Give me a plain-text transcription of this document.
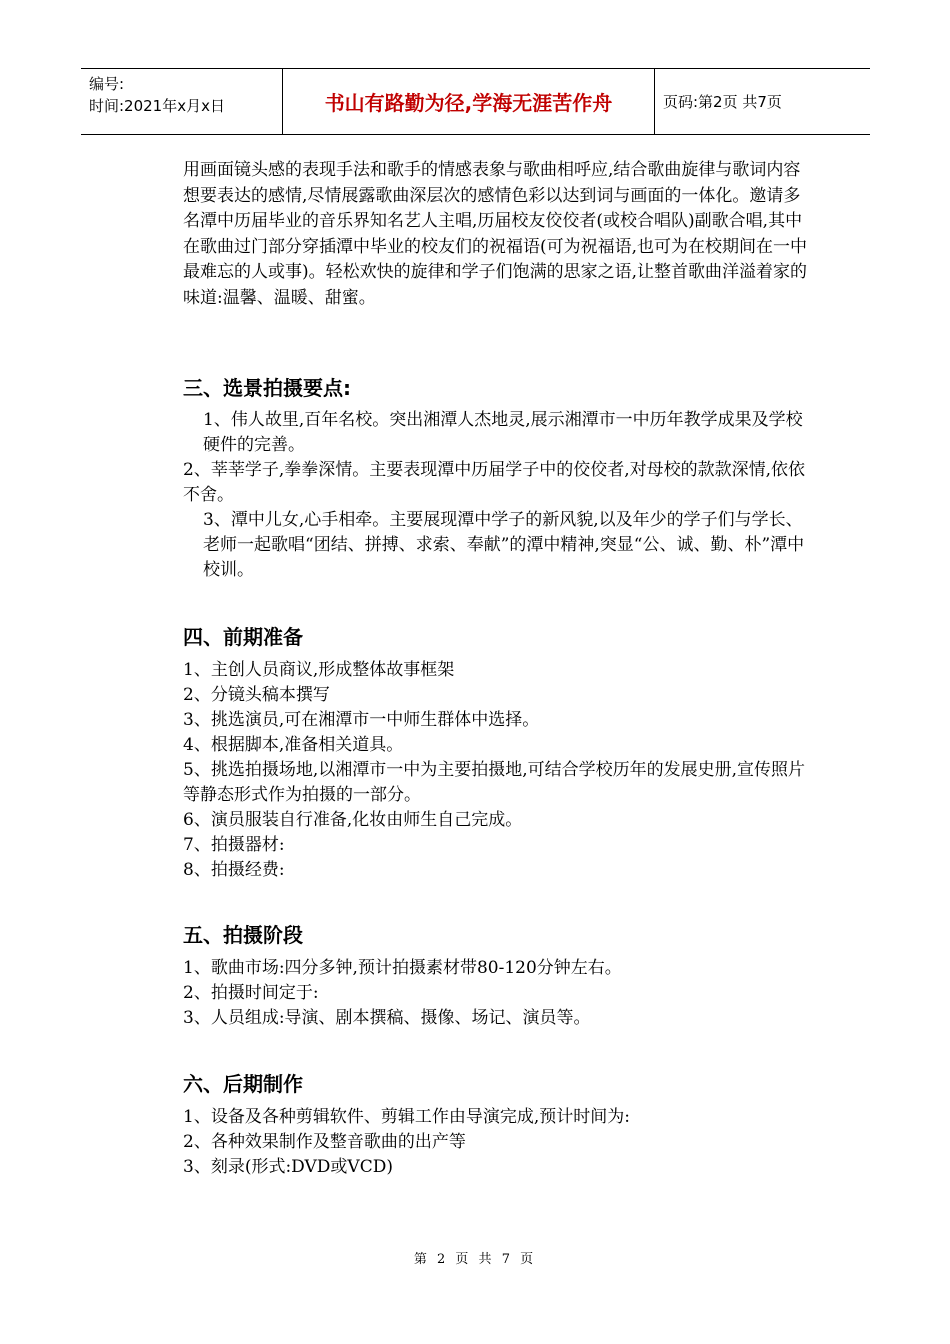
编号:
时间:2021年x月x日	书山有路勤为径,学海无涯苦作舟	页码:第2页 共7页

用画面镜头感的表现手法和歌手的情感表象与歌曲相呼应,结合歌曲旋律与歌词内容想要表达的感情,尽情展露歌曲深层次的感情色彩以达到词与画面的一体化。邀请多名潭中历届毕业的音乐界知名艺人主唱,历届校友佼佼者(或校合唱队)副歌合唱,其中在歌曲过门部分穿插潭中毕业的校友们的祝福语(可为祝福语,也可为在校期间在一中最难忘的人或事)。轻松欢快的旋律和学子们饱满的思家之语,让整首歌曲洋溢着家的味道:温馨、温暖、甜蜜。

三、选景拍摄要点:
1、伟人故里,百年名校。突出湘潭人杰地灵,展示湘潭市一中历年教学成果及学校硬件的完善。
2、莘莘学子,拳拳深情。主要表现潭中历届学子中的佼佼者,对母校的款款深情,依依不舍。
3、潭中儿女,心手相牵。主要展现潭中学子的新风貌,以及年少的学子们与学长、老师一起歌唱“团结、拼搏、求索、奉献”的潭中精神,突显“公、诚、勤、朴”潭中校训。
四、前期准备
1、主创人员商议,形成整体故事框架
2、分镜头稿本撰写
3、挑选演员,可在湘潭市一中师生群体中选择。
4、根据脚本,准备相关道具。
5、挑选拍摄场地,以湘潭市一中为主要拍摄地,可结合学校历年的发展史册,宣传照片等静态形式作为拍摄的一部分。
6、演员服装自行准备,化妆由师生自己完成。
7、拍摄器材:
8、拍摄经费:
五、拍摄阶段
1、歌曲市场:四分多钟,预计拍摄素材带80-120分钟左右。
2、拍摄时间定于:
3、人员组成:导演、剧本撰稿、摄像、场记、演员等。
六、后期制作
1、设备及各种剪辑软件、剪辑工作由导演完成,预计时间为:
2、各种效果制作及整音歌曲的出产等
3、刻录(形式:DVD或VCD)
第 2 页 共 7 页
